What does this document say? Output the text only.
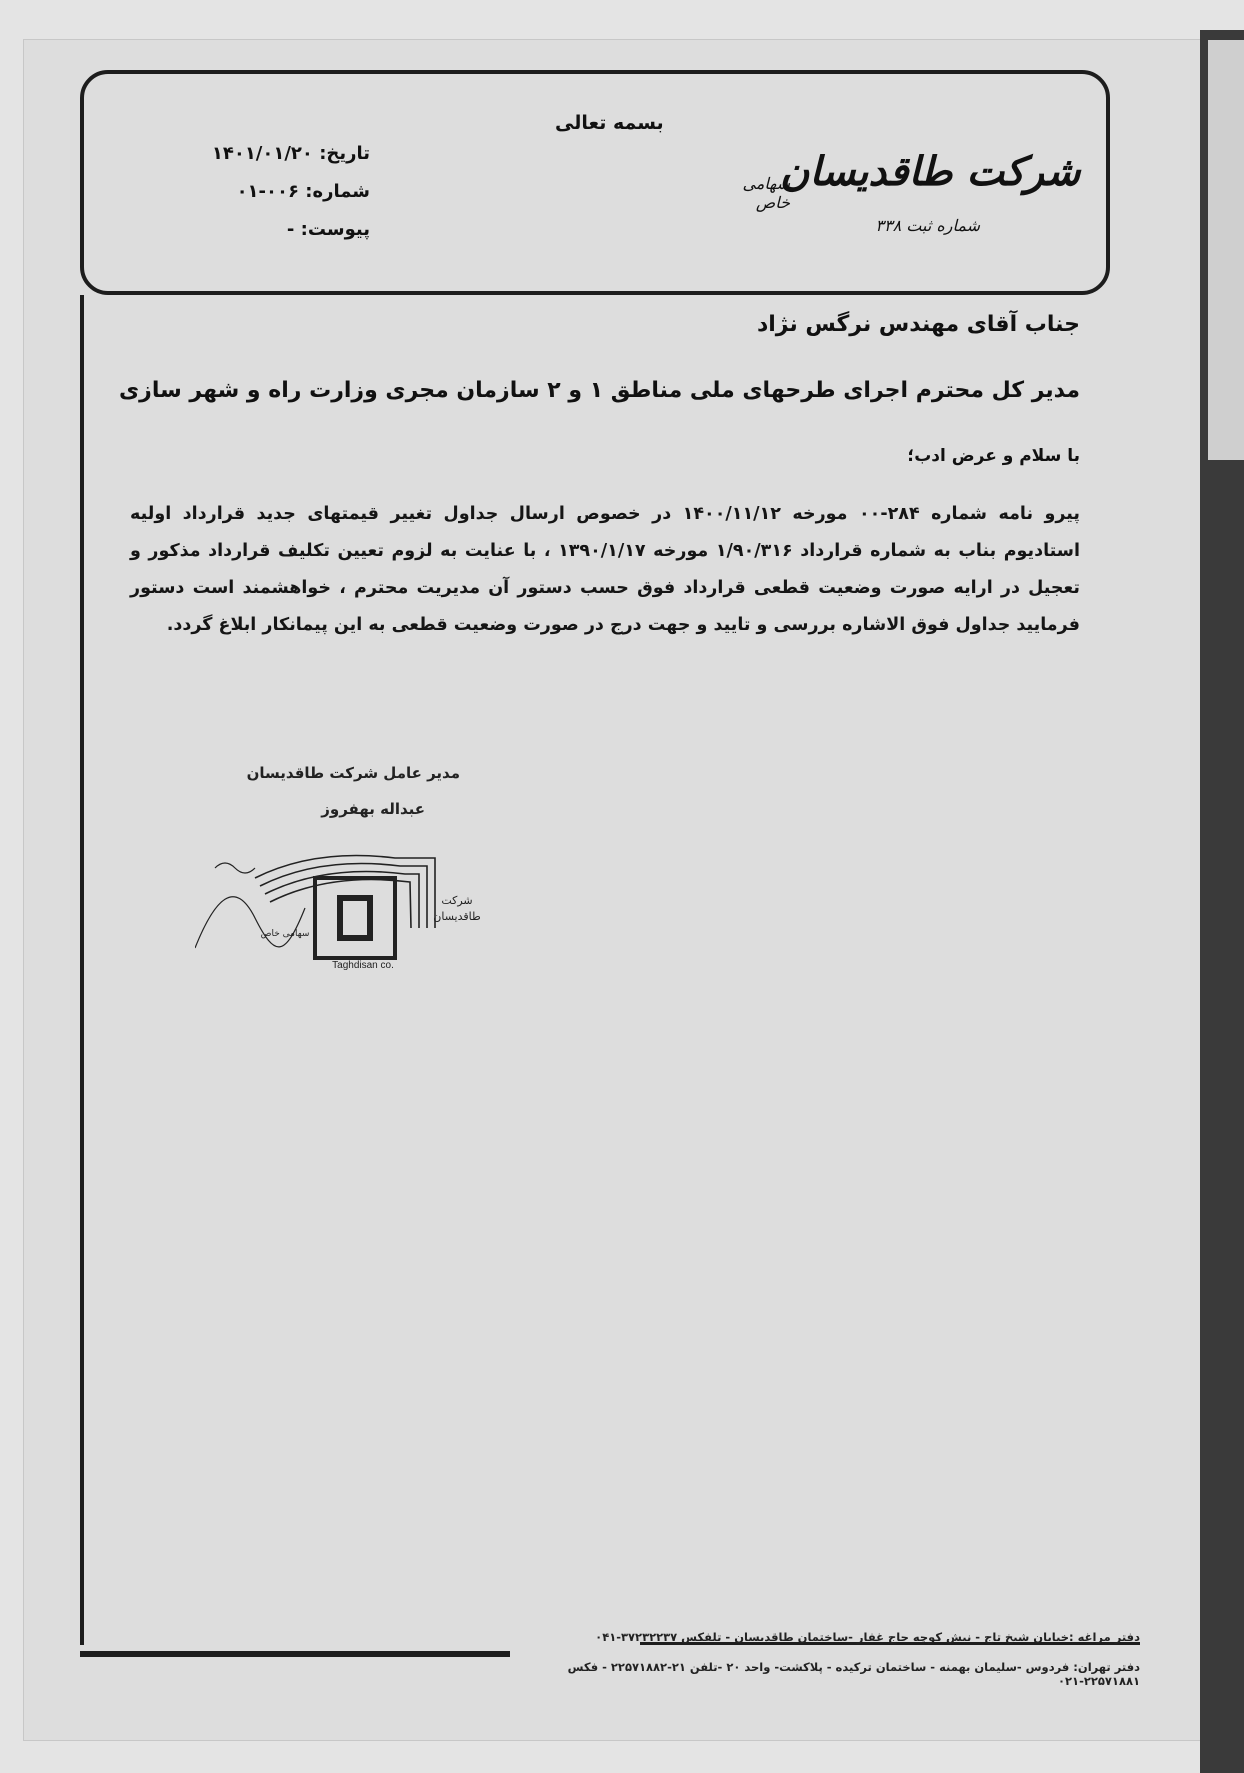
بسمه تعالی
شرکت طاقدیسان
سهامی خاص
شماره ثبت ۳۳۸
تاریخ: ۱۴۰۱/۰۱/۲۰
شماره: ۰۰۶-۰۱
پیوست: -
جناب آقای مهندس نرگس نژاد
مدیر کل محترم اجرای طرحهای ملی مناطق ۱ و ۲ سازمان مجری وزارت راه و شهر سازی
با سلام و عرض ادب؛
پیرو نامه شماره ۲۸۴-۰۰ مورخه ۱۴۰۰/۱۱/۱۲ در خصوص ارسال جداول تغییر قیمتهای جدید قرارداد اولیه استادیوم بناب به شماره قرارداد ۱/۹۰/۳۱۶ مورخه ۱۳۹۰/۱/۱۷ ، با عنایت به لزوم تعیین تکلیف قرارداد مذکور و تعجیل در ارایه صورت وضعیت قطعی قرارداد فوق حسب دستور آن مدیریت محترم ، خواهشمند است دستور فرمایید جداول فوق الاشاره بررسی و تایید و جهت درج در صورت وضعیت قطعی به این پیمانکار ابلاغ گردد.
مدیر عامل شرکت طاقدیسان
عبداله بهفروز
شرکت
طاقدیسان
سهامی خاص
Taghdisan co.
دفتر مراغه :خیابان شیخ تاج - نبش کوچه حاج غفار -ساختمان طاقدیسان - تلفکس ۳۷۲۳۲۲۳۷-۰۴۱
دفتر تهران: فردوس -سلیمان بهمنه - ساختمان ترکیده - پلاکشت- واحد ۲۰ -تلفن ۲۱-۲۲۵۷۱۸۸۲ - فکس ۲۲۵۷۱۸۸۱-۰۲۱
